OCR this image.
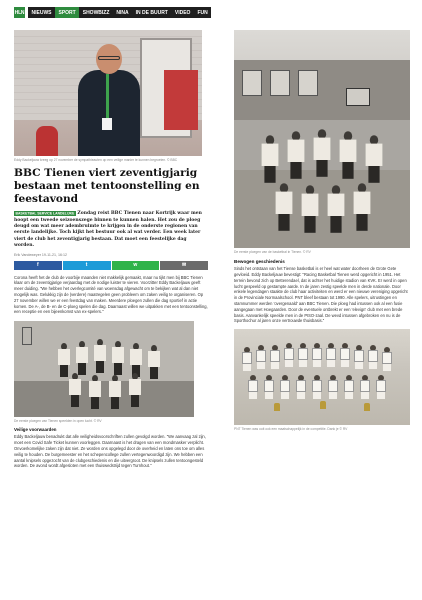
HLN	NIEUWS	SPORT	SHOWBIZZ	NINA	IN DE BUURT	VIDEO	FUN
Eddy Backeljauw kreeg op 27 november de sympathieauten op een veilige manier te kunnen begroeten. © BBC
BBC Tienen viert zeventigjarig bestaan met tentoonstelling en feestavond

BASKETBAL SERVICE LANDELIJKE Zondag reist BBC Tienen naar Kortrijk waar men hoopt een tweede seizoenszege binnen te kunnen halen. Het zou de ploeg deugd om wat meer adembruimte te krijgen in de onderste regionen van eerste landelijke. Toch kijkt het bestuur ook al wat verder. Een week later viert de club het zeventigjarig bestaan. Dat moet een feestelijke dag worden.

Erik Vandeweyer 19-11-21, 16:12
f	t	w	✉

Corona heeft het de club de voorbije maanden niet makkelijk gemaakt, maar nu tijkt men bij BBC Tienen klaar om de zeventigjarige verjaardag met de nodige luister te vieren. Voorzitter Eddy Backeljauw geeft meer duiding. "We hebben het overlegcomité van woensdag afgewacht om te bekijken wat al dan niet mogelijk was. Gelukkig zijn de (verdere) maatregelen geen probleem om zaken veilig te organiseren. Op 27 november willen we er een feestdag van maken. Meerdere ploegen zullen die dag sportief in actie komen. De A-, de B- en de C-ploeg spelen die dag. Daarnaast willen we uitpakken met een tentoonstelling, een receptie en een bijeenkomst van ex-spelers."

De eerste ploegen van Tienen speelden in open lucht. © RV
Veilige voorwaarden

Eddy Backeljauw benadrukt dat alle veiligheidsvoorschriften zullen gevolgd worden. "We aanvaag zal zijn, moet een Covid Safe Ticket kunnen voorleggen. Daarnaast is het dragen van een mondmasker verplicht. Onvoerkomelijke zaken zijn dat niet. Ze worden ons opgelegd door de overheid en laten ons toe om alles veilig te houden. De burgemeester en het schepencollege zullen vertegenwoordigd zijn. We hebben een aantal knipsels opgezocht van de clubgeschiedenis en die uitvergroot. De knipsels zullen tentoongesteld worden. De avond wordt afgesloten met een thuiswedstrijd tegen Turnhout."

De eerste ploegen van de basketbal in Tienen. © RV
Bewogen geschiedenis

Sinds het ontstaan van het Tiense basketbal is er heel wat water doorheen de Grote Gete gevloeid. Eddy Backeljauw bevestigt: "Racing Basketbal Tienen werd opgericht in 1951. Het terrein bevond zich op Betterendael, dat is achter het huidige stadion van KVK. Er werd in open lucht gespeeld op gestampte aarde. In de jaren zestig speelde men in derde nationale. Door enkele legendagen staakte de club haar activiteiten en werd er een nieuwe vereniging opgericht in de Provinciale Normaalschool. PNT bleef bestaan tot 1990. Alle spelers, uitrustingen en stamnummer werden 'overgenaald' aan BBC Tienen. Die ploeg had intussen ook al een fusie aangegaan met Hoegaarden. Door de eventuele ontbrekt er een 'elevign' club met een brede basis. Aanvankelijk speelde men in de PISO-zaal. De wevd intussen afgebroken en nu is de Sporthochur al jaren onze vertrouwde thuisbasis."

PNT Tienen was ooit ook een maatschappelijk in de competitie. Dank je © RV
